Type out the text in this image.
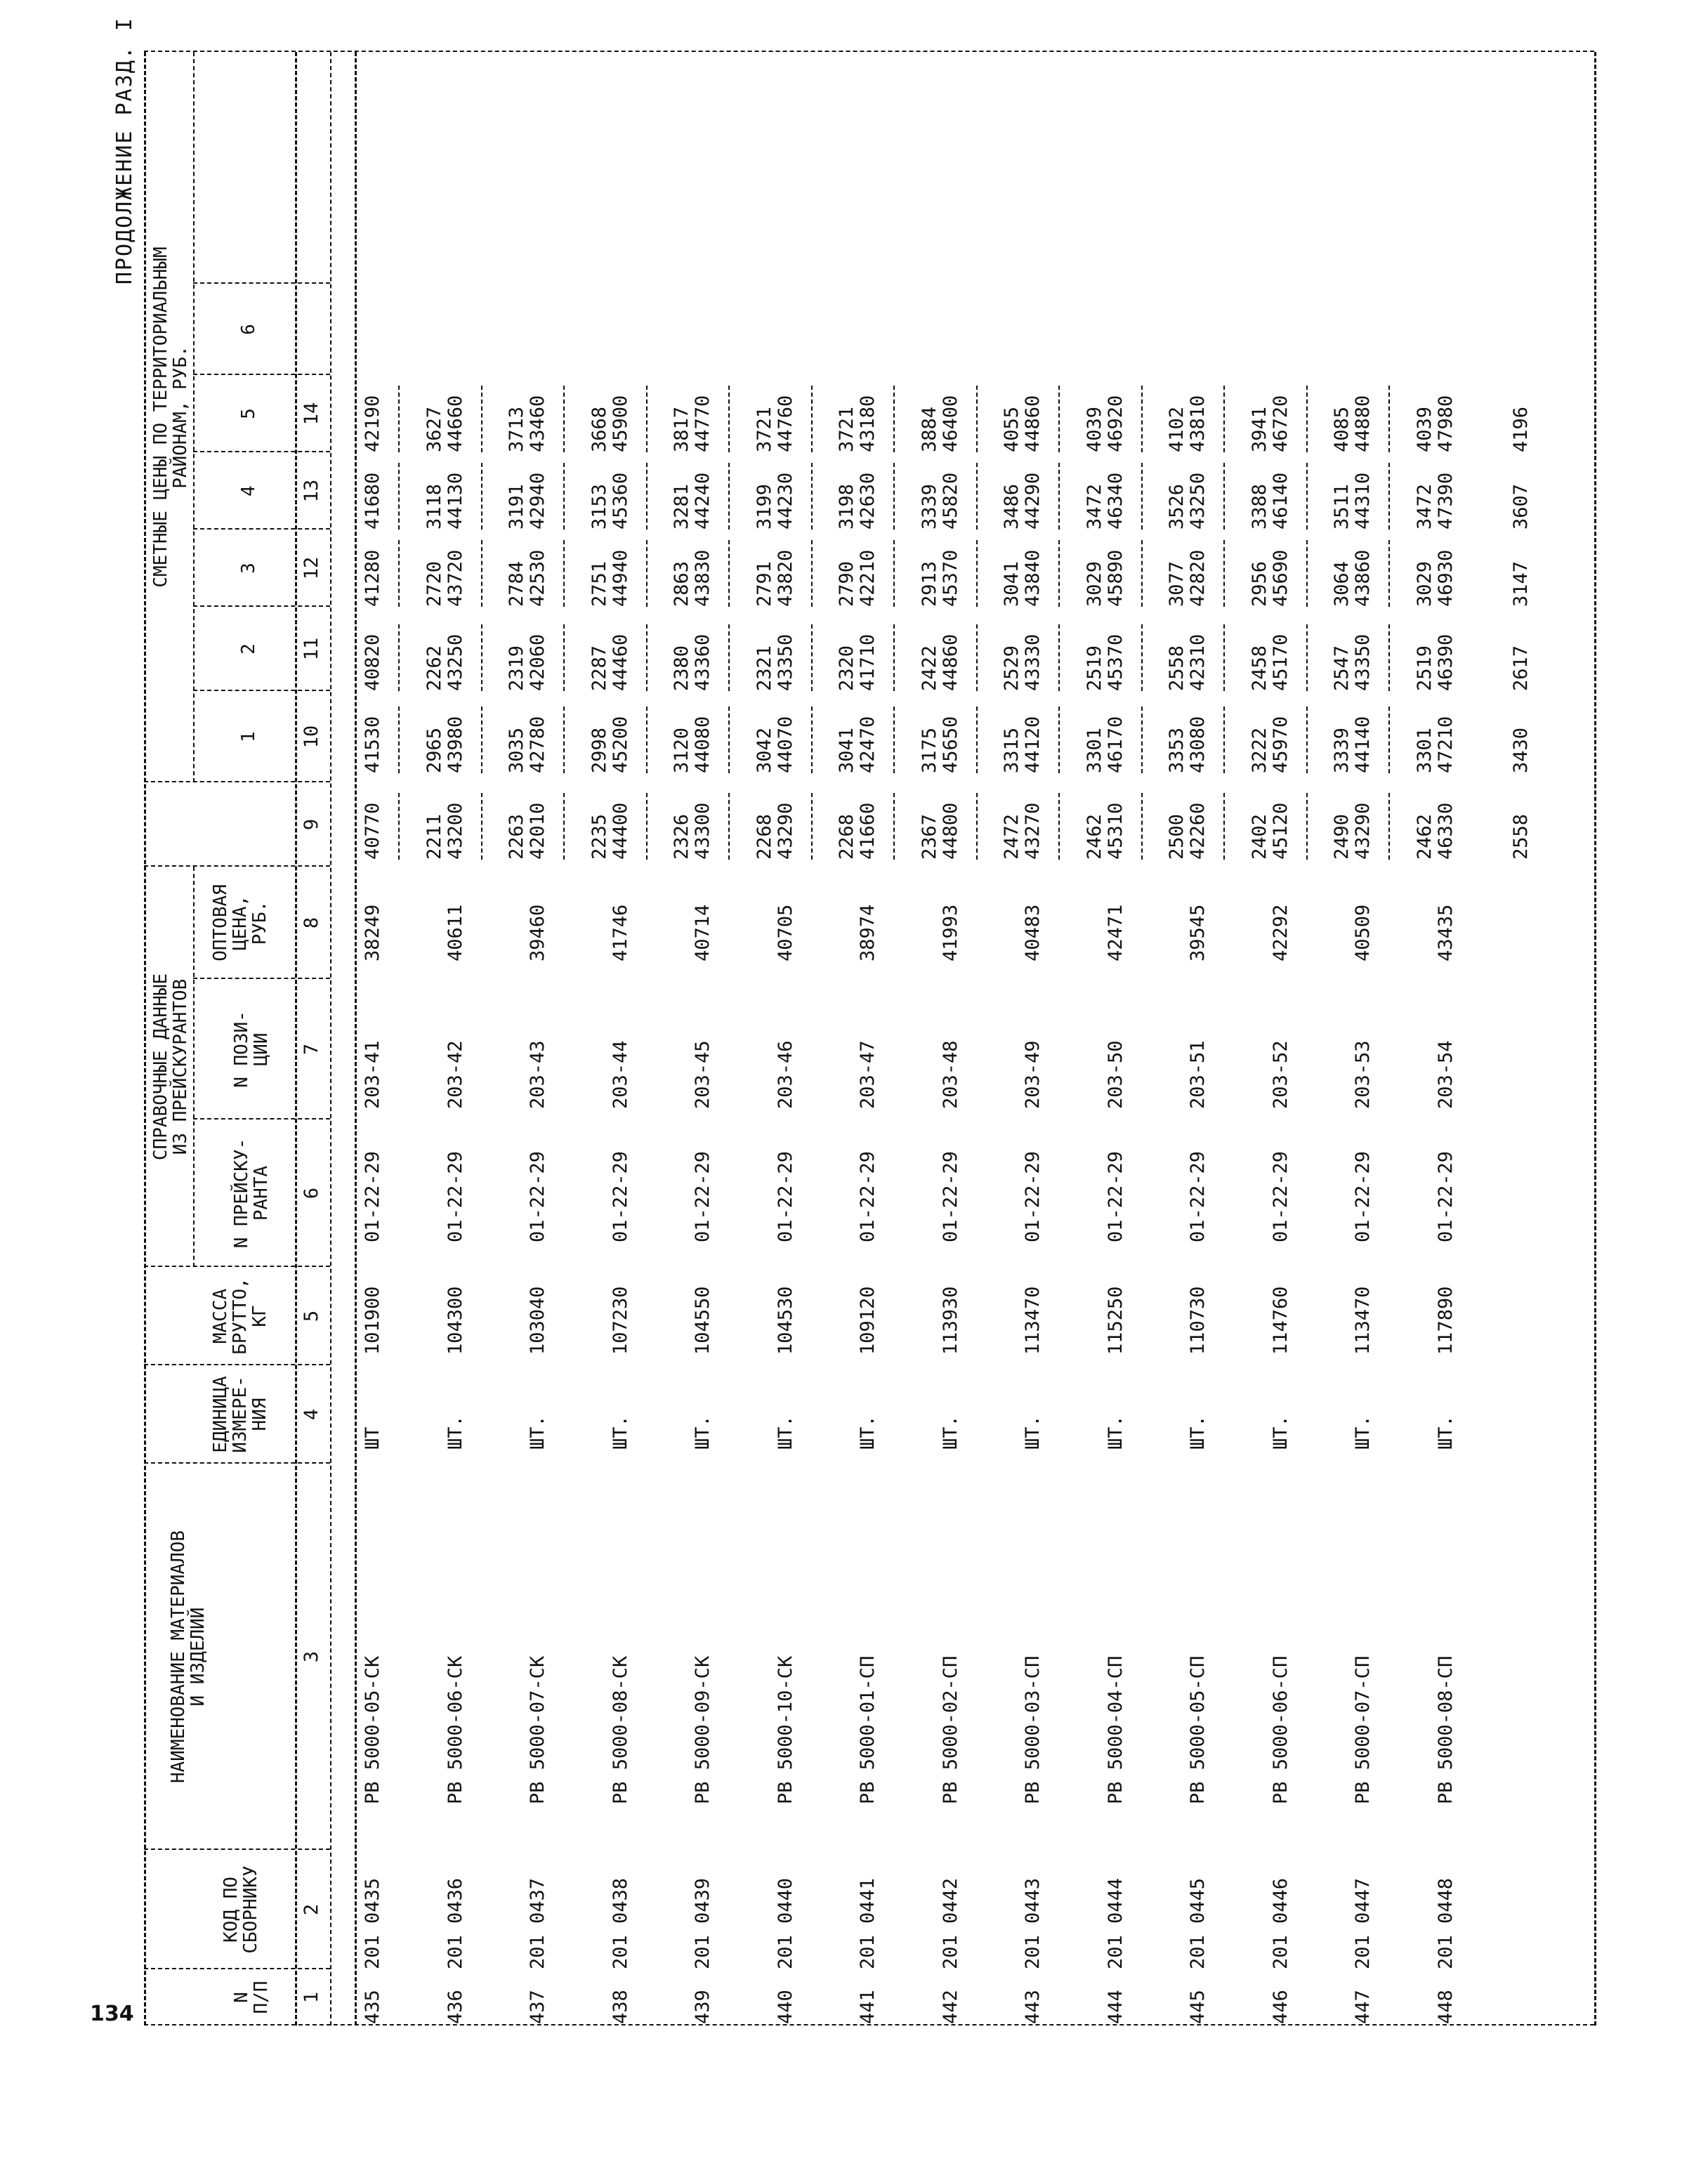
134
ПРОДОЛЖЕНИЕ РАЗД. I
N
П/П
КОД ПО
СБОРНИКУ
НАИМЕНОВАНИЕ МАТЕРИАЛОВ
И ИЗДЕЛИЙ
ЕДИНИЦА
ИЗМЕРЕ-
НИЯ
МАССА
БРУТТО,
КГ
СПРАВОЧНЫЕ ДАННЫЕ
ИЗ ПРЕЙСКУРАНТОВ
N ПРЕЙСКУ-
РАНТА
N ПОЗИ-
ЦИИ
ОПТОВАЯ
ЦЕНА,
РУБ.
СМЕТНЫЕ ЦЕНЫ ПО ТЕРРИТОРИАЛЬНЫМ
РАЙОНАМ, РУБ.
1
2
3
4
5
6
1
2
3
4
5
6
7
8
9
10
11
12
13
14
435
201 0435
РВ 5000-05-СК
ШТ
101900
01-22-29
203-41
38249
40770
41530
40820
41280
41680
42190
436
201 0436
РВ 5000-06-СК
ШТ.
104300
01-22-29
203-42
40611
2211 43200
2965 43980
2262 43250
2720 43720
3118 44130
3627 44660
437
201 0437
РВ 5000-07-СК
ШТ.
103040
01-22-29
203-43
39460
2263 42010
3035 42780
2319 42060
2784 42530
3191 42940
3713 43460
438
201 0438
РВ 5000-08-СК
ШТ.
107230
01-22-29
203-44
41746
2235 44400
2998 45200
2287 44460
2751 44940
3153 45360
3668 45900
439
201 0439
РВ 5000-09-СК
ШТ.
104550
01-22-29
203-45
40714
2326 43300
3120 44080
2380 43360
2863 43830
3281 44240
3817 44770
440
201 0440
РВ 5000-10-СК
ШТ.
104530
01-22-29
203-46
40705
2268 43290
3042 44070
2321 43350
2791 43820
3199 44230
3721 44760
441
201 0441
РВ 5000-01-СП
ШТ.
109120
01-22-29
203-47
38974
2268 41660
3041 42470
2320 41710
2790 42210
3198 42630
3721 43180
442
201 0442
РВ 5000-02-СП
ШТ.
113930
01-22-29
203-48
41993
2367 44800
3175 45650
2422 44860
2913 45370
3339 45820
3884 46400
443
201 0443
РВ 5000-03-СП
ШТ.
113470
01-22-29
203-49
40483
2472 43270
3315 44120
2529 43330
3041 43840
3486 44290
4055 44860
444
201 0444
РВ 5000-04-СП
ШТ.
115250
01-22-29
203-50
42471
2462 45310
3301 46170
2519 45370
3029 45890
3472 46340
4039 46920
445
201 0445
РВ 5000-05-СП
ШТ.
110730
01-22-29
203-51
39545
2500 42260
3353 43080
2558 42310
3077 42820
3526 43250
4102 43810
446
201 0446
РВ 5000-06-СП
ШТ.
114760
01-22-29
203-52
42292
2402 45120
3222 45970
2458 45170
2956 45690
3388 46140
3941 46720
447
201 0447
РВ 5000-07-СП
ШТ.
113470
01-22-29
203-53
40509
2490 43290
3339 44140
2547 43350
3064 43860
3511 44310
4085 44880
448
201 0448
РВ 5000-08-СП
ШТ.
117890
01-22-29
203-54
43435
2462 46330
3301 47210
2519 46390
3029 46930
3472 47390
4039 47980
2558
3430
2617
3147
3607
4196
